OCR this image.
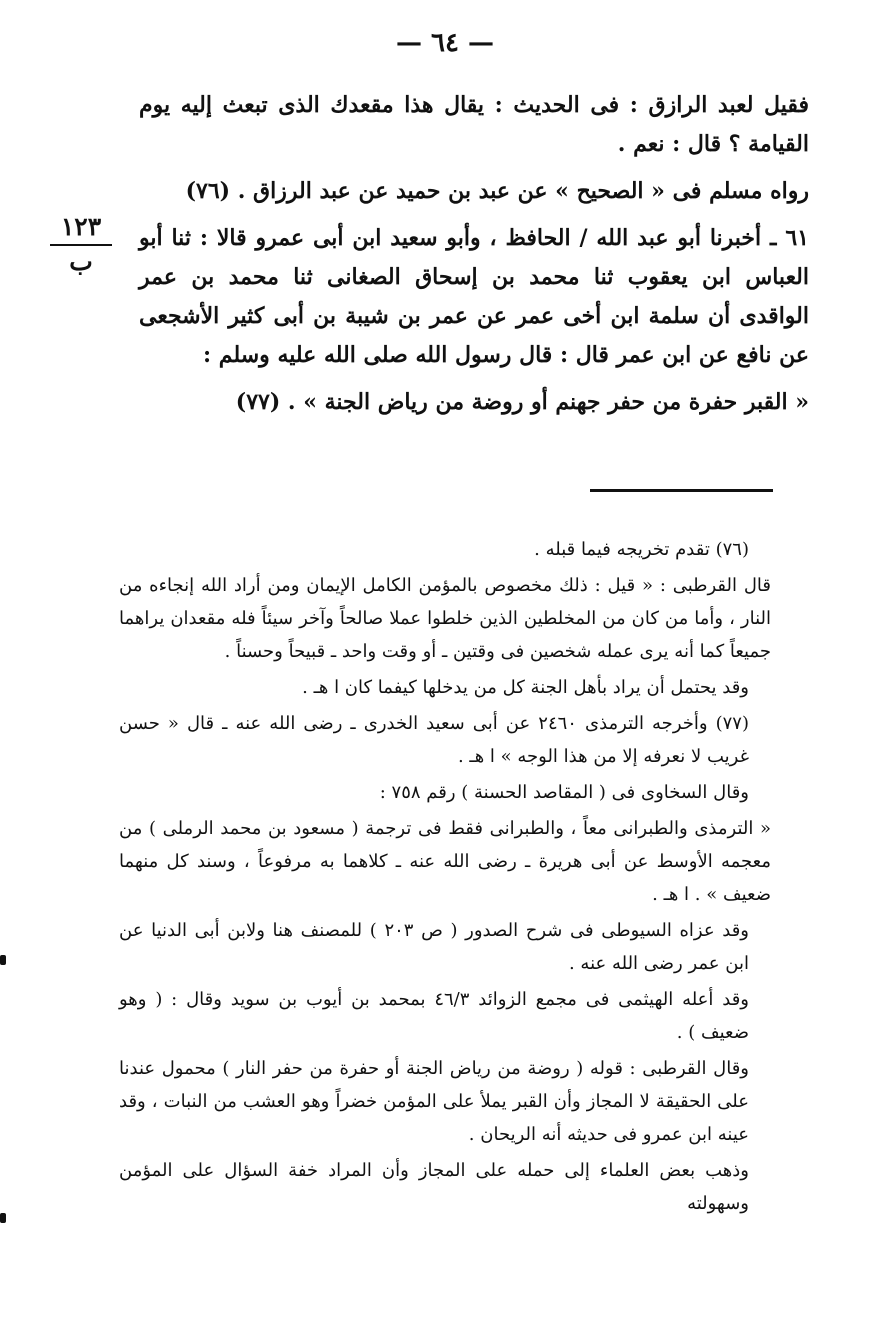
— ٦٤ —
١٢٣
ب

فقيل لعبد الرازق : فى الحديث : يقال هذا مقعدك الذى تبعث إليه يوم القيامة ؟ قال : نعم .

رواه مسلم فى « الصحيح » عن عبد بن حميد عن عبد الرزاق . (٧٦)

٦١ ـ أخبرنا أبو عبد الله / الحافظ ، وأبو سعيد ابن أبى عمرو قالا : ثنا أبو العباس ابن يعقوب ثنا محمد بن إسحاق الصغانى ثنا محمد بن عمر الواقدى أن سلمة ابن أخى عمر عن عمر بن شيبة بن أبى كثير الأشجعى عن نافع عن ابن عمر قال : قال رسول الله صلى الله عليه وسلم :

« القبر حفرة من حفر جهنم أو روضة من رياض الجنة » . (٧٧)

(٧٦) تقدم تخريجه فيما قبله .

قال القرطبى : « قيل : ذلك مخصوص بالمؤمن الكامل الإيمان ومن أراد الله إنجاءه من النار ، وأما من كان من المخلطين الذين خلطوا عملا صالحاً وآخر سيئاً فله مقعدان يراهما جميعاً كما أنه يرى عمله شخصين فى وقتين ـ أو وقت واحد ـ قبيحاً وحسناً .

وقد يحتمل أن يراد بأهل الجنة كل من يدخلها كيفما كان ا هـ .

(٧٧) وأخرجه الترمذى ٢٤٦٠ عن أبى سعيد الخدرى ـ رضى الله عنه ـ قال « حسن غريب لا نعرفه إلا من هذا الوجه » ا هـ .

وقال السخاوى فى ( المقاصد الحسنة ) رقم ٧٥٨ :

« الترمذى والطبرانى معاً ، والطبرانى فقط فى ترجمة ( مسعود بن محمد الرملى ) من معجمه الأوسط عن أبى هريرة ـ رضى الله عنه ـ كلاهما به مرفوعاً ، وسند كل منهما ضعيف » . ا هـ .

وقد عزاه السيوطى فى شرح الصدور ( ص ٢٠٣ ) للمصنف هنا ولابن أبى الدنيا عن ابن عمر رضى الله عنه .

وقد أعله الهيثمى فى مجمع الزوائد ٤٦/٣ بمحمد بن أيوب بن سويد وقال : ( وهو ضعيف ) .

وقال القرطبى : قوله ( روضة من رياض الجنة أو حفرة من حفر النار ) محمول عندنا على الحقيقة لا المجاز وأن القبر يملأ على المؤمن خضراً وهو العشب من النبات ، وقد عينه ابن عمرو فى حديثه أنه الريحان .

وذهب بعض العلماء إلى حمله على المجاز وأن المراد خفة السؤال على المؤمن وسهولته
